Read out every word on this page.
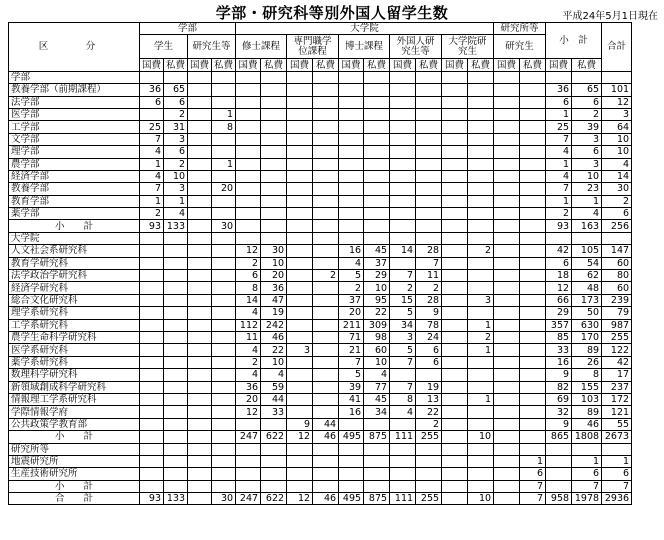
学部・研究科等別外国人留学生数	平成24年5月1日現在
区　分	学部				大学院										研究所等		小　計		合計
	学生		研究生等		修士課程		専門職学位課程		博士課程		外国人研究生等		大学院研究生		研究生				
	国費	私費	国費	私費	国費	私費	国費	私費	国費	私費	国費	私費	国費	私費	国費	私費	国費	私費	
学部																			
教養学部（前期課程）	36	65															36	65	101
法学部	6	6															6	6	12
医学部		2		1													1	2	3
工学部	25	31		8													25	39	64
文学部	7	3															7	3	10
理学部	4	6															4	6	10
農学部	1	2		1													1	3	4
経済学部	4	10															4	10	14
教養学部	7	3		20													7	23	30
教育学部	1	1															1	1	2
薬学部	2	4															2	4	6
小　　計	93	133		30													93	163	256
大学院																			
人文社会系研究科					12	30			16	45	14	28		2			42	105	147
教育学研究科					2	10			4	37		7					6	54	60
法学政治学研究科					6	20		2	5	29	7	11					18	62	80
経済学研究科					8	36			2	10	2	2					12	48	60
総合文化研究科					14	47			37	95	15	28		3			66	173	239
理学系研究科					4	19			20	22	5	9					29	50	79
工学系研究科					112	242			211	309	34	78		1			357	630	987
農学生命科学研究科					11	46			71	98	3	24		2			85	170	255
医学系研究科					4	22	3		21	60	5	6		1			33	89	122
薬学系研究科					2	10			7	10	7	6					16	26	42
数理科学研究科					4	4			5	4							9	8	17
新領域創成科学研究科					36	59			39	77	7	19					82	155	237
情報理工学系研究科					20	44			41	45	8	13		1			69	103	172
学際情報学府					12	33			16	34	4	22					32	89	121
公共政策学教育部							9	44				2					9	46	55
小　　計					247	622	12	46	495	875	111	255		10			865	1808	2673
研究所等																			
地震研究所																1		1	1
生産技術研究所																6		6	6
小　　計																7		7	7
合　　計	93	133		30	247	622	12	46	495	875	111	255		10		7	958	1978	2936
